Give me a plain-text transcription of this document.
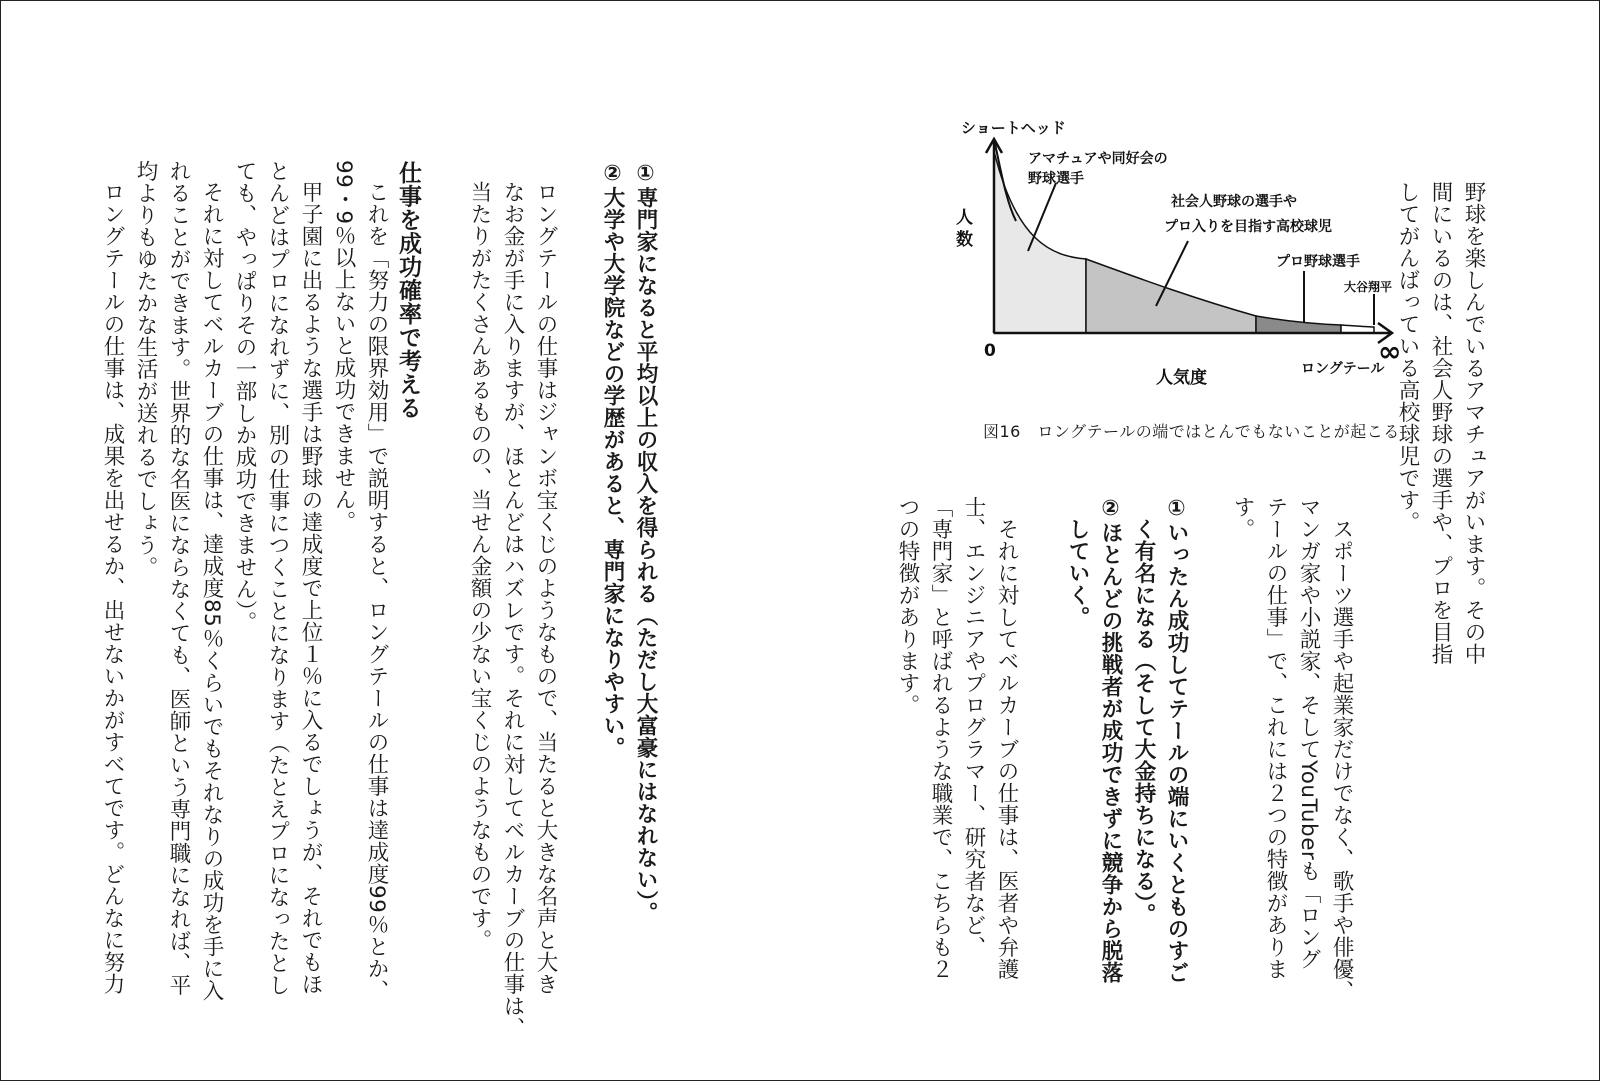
野球を楽しんでいるアマチュアがいます。その中
間にいるのは、社会人野球の選手や、プロを目指
してがんばっている高校球児です。
スポーツ選手や起業家だけでなく、歌手や俳優、
マンガ家や小説家、そしてYouTuberも「ロング
テールの仕事」で、これには２つの特徴がありま
す。
①いったん成功してテールの端にいくとものすご
く有名になる（そして大金持ちになる）。
②ほとんどの挑戦者が成功できずに競争から脱落
していく。
それに対してベルカーブの仕事は、医者や弁護
士、エンジニアやプログラマー、研究者など、
「専門家」と呼ばれるような職業で、こちらも２
つの特徴があります。
ショートヘッド
人
数
0	∞
人気度	ロングテール
アマチュアや同好会の
野球選手
社会人野球の選手や
プロ入りを目指す高校球児
プロ野球選手
大谷翔平
図16　ロングテールの端ではとんでもないことが起こる
①専門家になると平均以上の収入を得られる（ただし大富豪にはなれない）。
②大学や大学院などの学歴があると、専門家になりやすい。
ロングテールの仕事はジャンボ宝くじのようなもので、当たると大きな名声と大き
なお金が手に入りますが、ほとんどはハズレです。それに対してベルカーブの仕事は、
当たりがたくさんあるものの、当せん金額の少ない宝くじのようなものです。
仕事を成功確率で考える
これを「努力の限界効用」で説明すると、ロングテールの仕事は達成度99％とか、
99・9％以上ないと成功できません。
甲子園に出るような選手は野球の達成度で上位１％に入るでしょうが、それでもほ
とんどはプロになれずに、別の仕事につくことになります（たとえプロになったとし
ても、やっぱりその一部しか成功できません）。
それに対してベルカーブの仕事は、達成度85％くらいでもそれなりの成功を手に入
れることができます。世界的な名医にならなくても、医師という専門職になれば、平
均よりもゆたかな生活が送れるでしょう。
ロングテールの仕事は、成果を出せるか、出せないかがすべてです。どんなに努力
